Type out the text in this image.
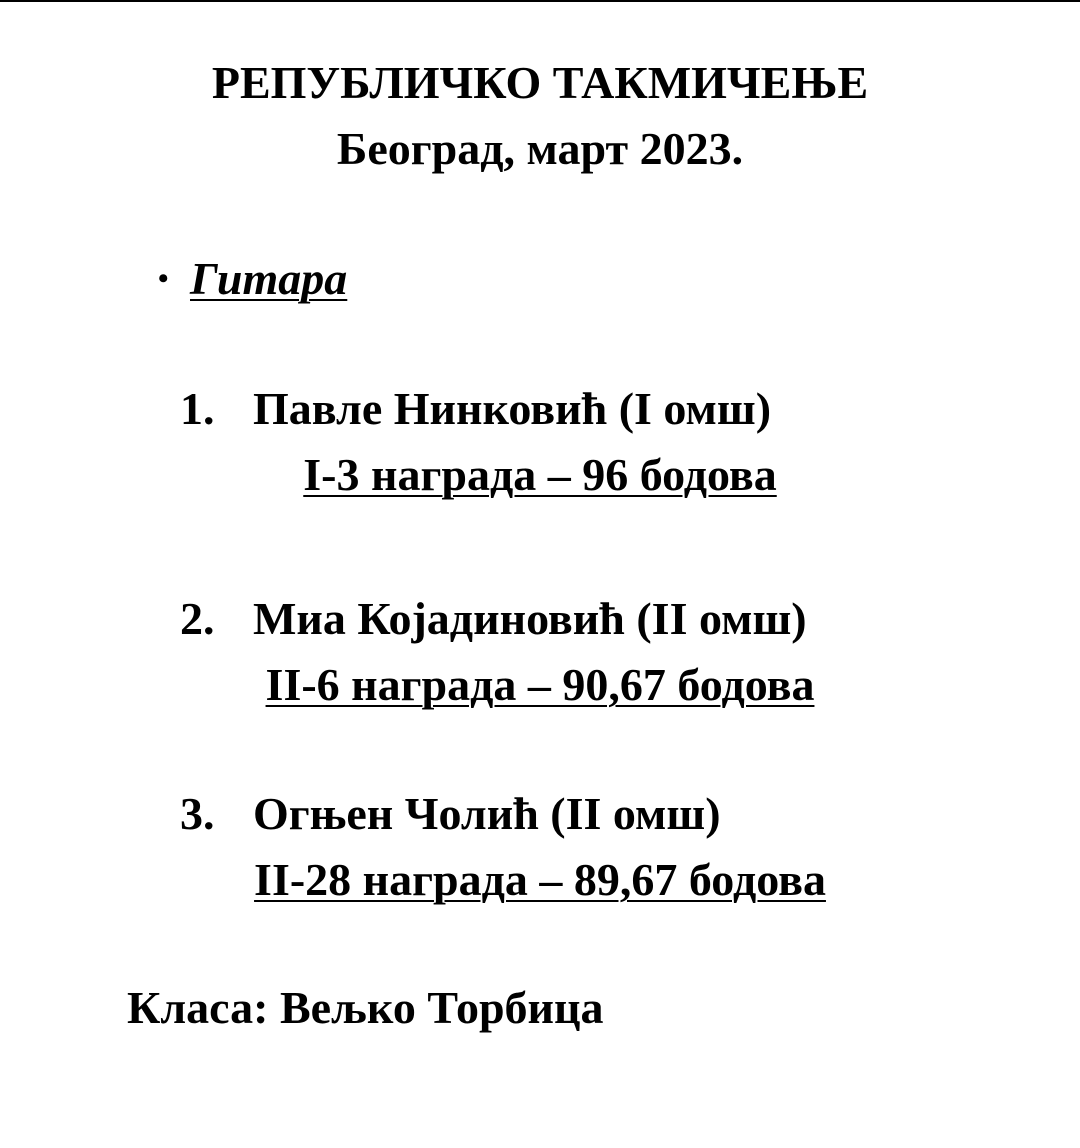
РЕПУБЛИЧКО ТАКМИЧЕЊЕ
Београд, март 2023.
• Гитара
1. Павле Нинковић (I омш)
I-3 награда – 96 бодова
2. Миа Којадиновић (II омш)
II-6 награда – 90,67 бодова
3. Огњен Чолић (II омш)
II-28 награда – 89,67 бодова
Класа: Вељко Торбица
